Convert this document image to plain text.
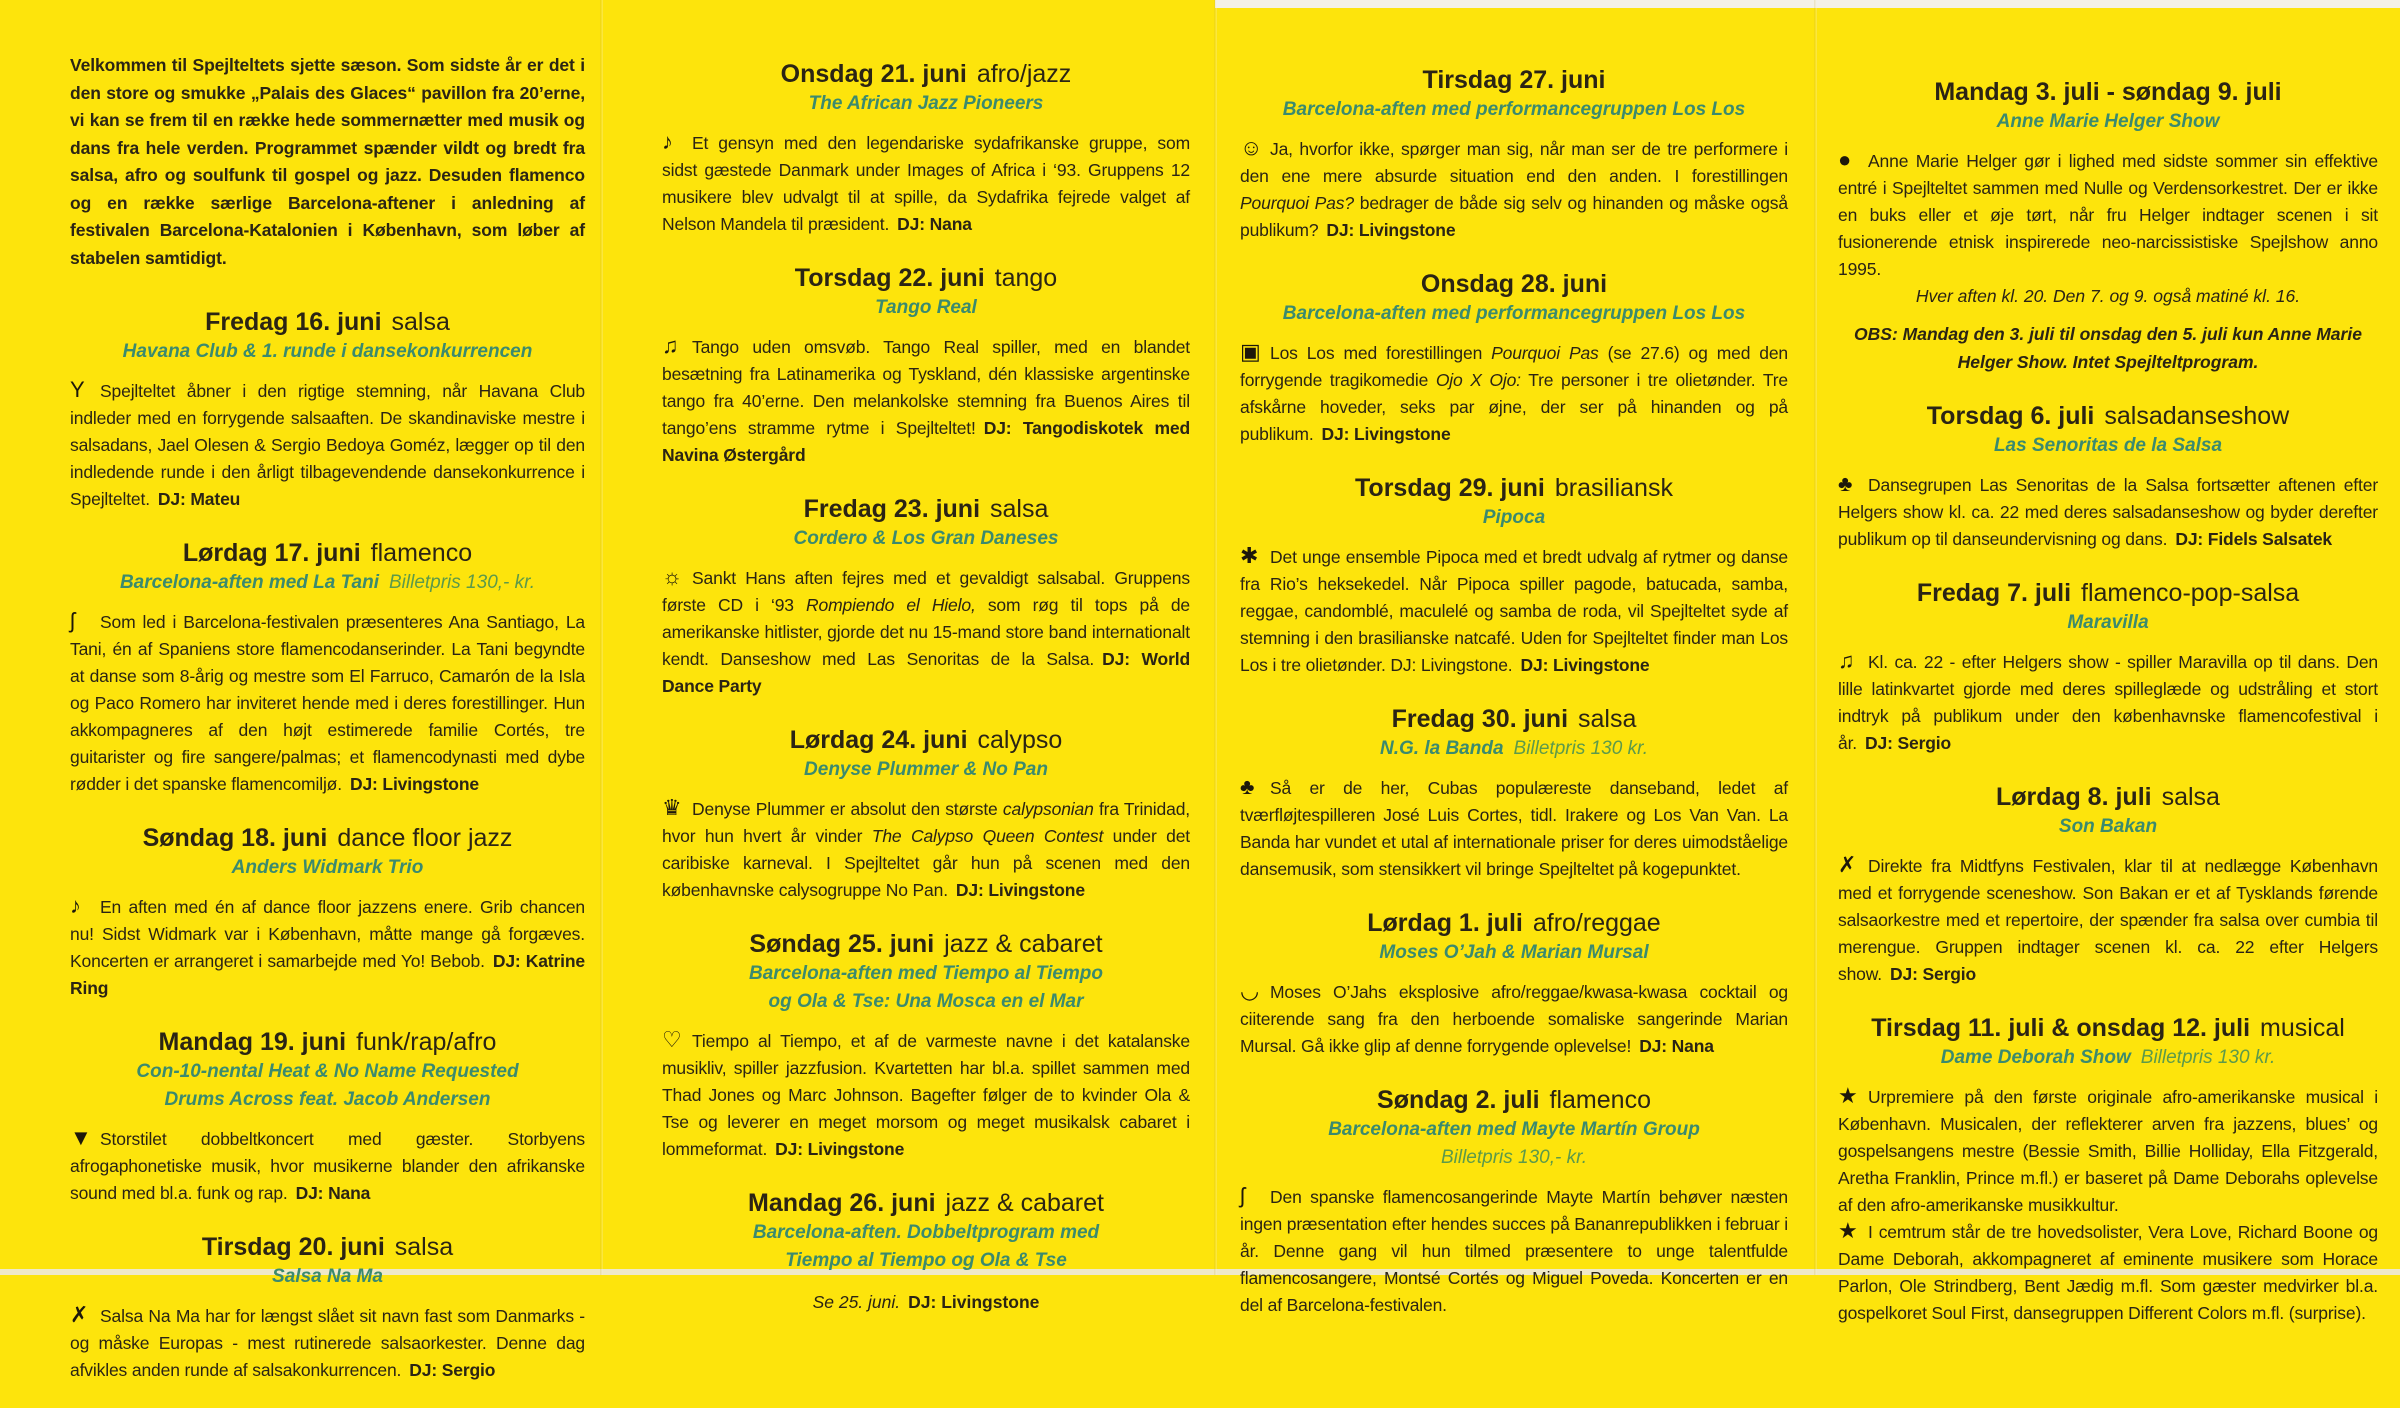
Velkommen til Spejlteltets sjette sæson. Som sidste år er det i den store og smukke „Palais des Glaces“ pavillon fra 20’erne, vi kan se frem til en række hede sommernætter med musik og dans fra hele verden. Programmet spænder vildt og bredt fra salsa, afro og soulfunk til gospel og jazz. Desuden flamenco og en række særlige Barcelona-aftener i anledning af festivalen Barcelona-Katalonien i København, som løber af stabelen samtidigt.

Fredag 16. juni salsa
Havana Club & 1. runde i dansekonkurrencen

Y Spejlteltet åbner i den rigtige stemning, når Havana Club indleder med en forrygende salsaaften. De skandinaviske mestre i salsadans, Jael Olesen & Sergio Bedoya Goméz, lægger op til den indledende runde i den årligt tilbagevendende dansekonkurrence i Spejlteltet. DJ: Mateu

Lørdag 17. juni flamenco
Barcelona-aften med La Tani Billetpris 130,- kr.

ʃ Som led i Barcelona-festivalen præsenteres Ana Santiago, La Tani, én af Spaniens store flamencodanserinder. La Tani begyndte at danse som 8-årig og mestre som El Farruco, Camarón de la Isla og Paco Romero har inviteret hende med i deres forestillinger. Hun akkompagneres af den højt estimerede familie Cortés, tre guitarister og fire sangere/palmas; et flamencodynasti med dybe rødder i det spanske flamencomiljø. DJ: Livingstone

Søndag 18. juni dance floor jazz
Anders Widmark Trio

♪ En aften med én af dance floor jazzens enere. Grib chancen nu! Sidst Widmark var i København, måtte mange gå forgæves. Koncerten er arrangeret i samarbejde med Yo! Bebob. DJ: Katrine Ring

Mandag 19. juni funk/rap/afro
Con-10-nental Heat & No Name Requested
Drums Across feat. Jacob Andersen

▼ Storstilet dobbeltkoncert med gæster. Storbyens afrogaphonetiske musik, hvor musikerne blander den afrikanske sound med bl.a. funk og rap. DJ: Nana

Tirsdag 20. juni salsa
Salsa Na Ma

✗ Salsa Na Ma har for længst slået sit navn fast som Danmarks - og måske Europas - mest rutinerede salsaorkester. Denne dag afvikles anden runde af salsakonkurrencen. DJ: Sergio

Onsdag 21. juni afro/jazz
The African Jazz Pioneers

♪ Et gensyn med den legendariske sydafrikanske gruppe, som sidst gæstede Danmark under Images of Africa i ‘93. Gruppens 12 musikere blev udvalgt til at spille, da Sydafrika fejrede valget af Nelson Mandela til præsident. DJ: Nana

Torsdag 22. juni tango
Tango Real

♫ Tango uden omsvøb. Tango Real spiller, med en blandet besætning fra Latinamerika og Tyskland, dén klassiske argentinske tango fra 40’erne. Den melankolske stemning fra Buenos Aires til tango’ens stramme rytme i Spejlteltet! DJ: Tangodiskotek med Navina Østergård

Fredag 23. juni salsa
Cordero & Los Gran Daneses

☼ Sankt Hans aften fejres med et gevaldigt salsabal. Gruppens første CD i ‘93 Rompiendo el Hielo, som røg til tops på de amerikanske hitlister, gjorde det nu 15-mand store band internationalt kendt. Danseshow med Las Senoritas de la Salsa. DJ: World Dance Party

Lørdag 24. juni calypso
Denyse Plummer & No Pan

♛ Denyse Plummer er absolut den største calypsonian fra Trinidad, hvor hun hvert år vinder The Calypso Queen Contest under det caribiske karneval. I Spejlteltet går hun på scenen med den københavnske calysogruppe No Pan. DJ: Livingstone

Søndag 25. juni jazz & cabaret
Barcelona-aften med Tiempo al Tiempo
og Ola & Tse: Una Mosca en el Mar

♡ Tiempo al Tiempo, et af de varmeste navne i det katalanske musikliv, spiller jazzfusion. Kvartetten har bl.a. spillet sammen med Thad Jones og Marc Johnson. Bagefter følger de to kvinder Ola & Tse og leverer en meget morsom og meget musikalsk cabaret i lommeformat. DJ: Livingstone

Mandag 26. juni jazz & cabaret
Barcelona-aften. Dobbeltprogram med
Tiempo al Tiempo og Ola & Tse
Se 25. juni. DJ: Livingstone
Tirsdag 27. juni
Barcelona-aften med performancegruppen Los Los

☺ Ja, hvorfor ikke, spørger man sig, når man ser de tre performere i den ene mere absurde situation end den anden. I forestillingen Pourquoi Pas? bedrager de både sig selv og hinanden og måske også publikum? DJ: Livingstone

Onsdag 28. juni
Barcelona-aften med performancegruppen Los Los

▣ Los Los med forestillingen Pourquoi Pas (se 27.6) og med den forrygende tragikomedie Ojo X Ojo: Tre personer i tre olietønder. Tre afskårne hoveder, seks par øjne, der ser på hinanden og på publikum. DJ: Livingstone

Torsdag 29. juni brasiliansk
Pipoca

✱ Det unge ensemble Pipoca med et bredt udvalg af rytmer og danse fra Rio’s heksekedel. Når Pipoca spiller pagode, batucada, samba, reggae, candomblé, maculelé og samba de roda, vil Spejlteltet syde af stemning i den brasilianske natcafé. Uden for Spejlteltet finder man Los Los i tre olietønder. DJ: Livingstone. DJ: Livingstone

Fredag 30. juni salsa
N.G. la Banda Billetpris 130 kr.

♣ Så er de her, Cubas populæreste danseband, ledet af tværfløjtespilleren José Luis Cortes, tidl. Irakere og Los Van Van. La Banda har vundet et utal af internationale priser for deres uimodståelige dansemusik, som stensikkert vil bringe Spejlteltet på kogepunktet.

Lørdag 1. juli afro/reggae
Moses O’Jah & Marian Mursal

◡ Moses O’Jahs eksplosive afro/reggae/kwasa-kwasa cocktail og ciiterende sang fra den herboende somaliske sangerinde Marian Mursal. Gå ikke glip af denne forrygende oplevelse! DJ: Nana

Søndag 2. juli flamenco
Barcelona-aften med Mayte Martín Group
Billetpris 130,- kr.

ʃ Den spanske flamencosangerinde Mayte Martín behøver næsten ingen præsentation efter hendes succes på Bananrepublikken i februar i år. Denne gang vil hun tilmed præsentere to unge talentfulde flamencosangere, Montsé Cortés og Miguel Poveda. Koncerten er en del af Barcelona-festivalen.

Mandag 3. juli - søndag 9. juli
Anne Marie Helger Show

● Anne Marie Helger gør i lighed med sidste sommer sin effektive entré i Spejlteltet sammen med Nulle og Verdensorkestret. Der er ikke en buks eller et øje tørt, når fru Helger indtager scenen i sit fusionerende etnisk inspirerede neo-narcissistiske Spejlshow anno 1995.

Hver aften kl. 20. Den 7. og 9. også matiné kl. 16.
OBS: Mandag den 3. juli til onsdag den 5. juli kun Anne Marie Helger Show. Intet Spejlteltprogram.
Torsdag 6. juli salsadanseshow
Las Senoritas de la Salsa

♣ Dansegrupen Las Senoritas de la Salsa fortsætter aftenen efter Helgers show kl. ca. 22 med deres salsadanseshow og byder derefter publikum op til danseundervisning og dans. DJ: Fidels Salsatek

Fredag 7. juli flamenco-pop-salsa
Maravilla

♫ Kl. ca. 22 - efter Helgers show - spiller Maravilla op til dans. Den lille latinkvartet gjorde med deres spilleglæde og udstråling et stort indtryk på publikum under den københavnske flamencofestival i år. DJ: Sergio

Lørdag 8. juli salsa
Son Bakan

✗ Direkte fra Midtfyns Festivalen, klar til at nedlægge København med et forrygende sceneshow. Son Bakan er et af Tysklands førende salsaorkestre med et repertoire, der spænder fra salsa over cumbia til merengue. Gruppen indtager scenen kl. ca. 22 efter Helgers show. DJ: Sergio

Tirsdag 11. juli & onsdag 12. juli musical
Dame Deborah Show Billetpris 130 kr.

★ Urpremiere på den første originale afro-amerikanske musical i København. Musicalen, der reflekterer arven fra jazzens, blues’ og gospelsangens mestre (Bessie Smith, Billie Holliday, Ella Fitzgerald, Aretha Franklin, Prince m.fl.) er baseret på Dame Deborahs oplevelse af den afro-amerikanske musikkultur.

★ I cemtrum står de tre hovedsolister, Vera Love, Richard Boone og Dame Deborah, akkompagneret af eminente musikere som Horace Parlon, Ole Strindberg, Bent Jædig m.fl. Som gæster medvirker bl.a. gospelkoret Soul First, dansegruppen Different Colors m.fl. (surprise).
